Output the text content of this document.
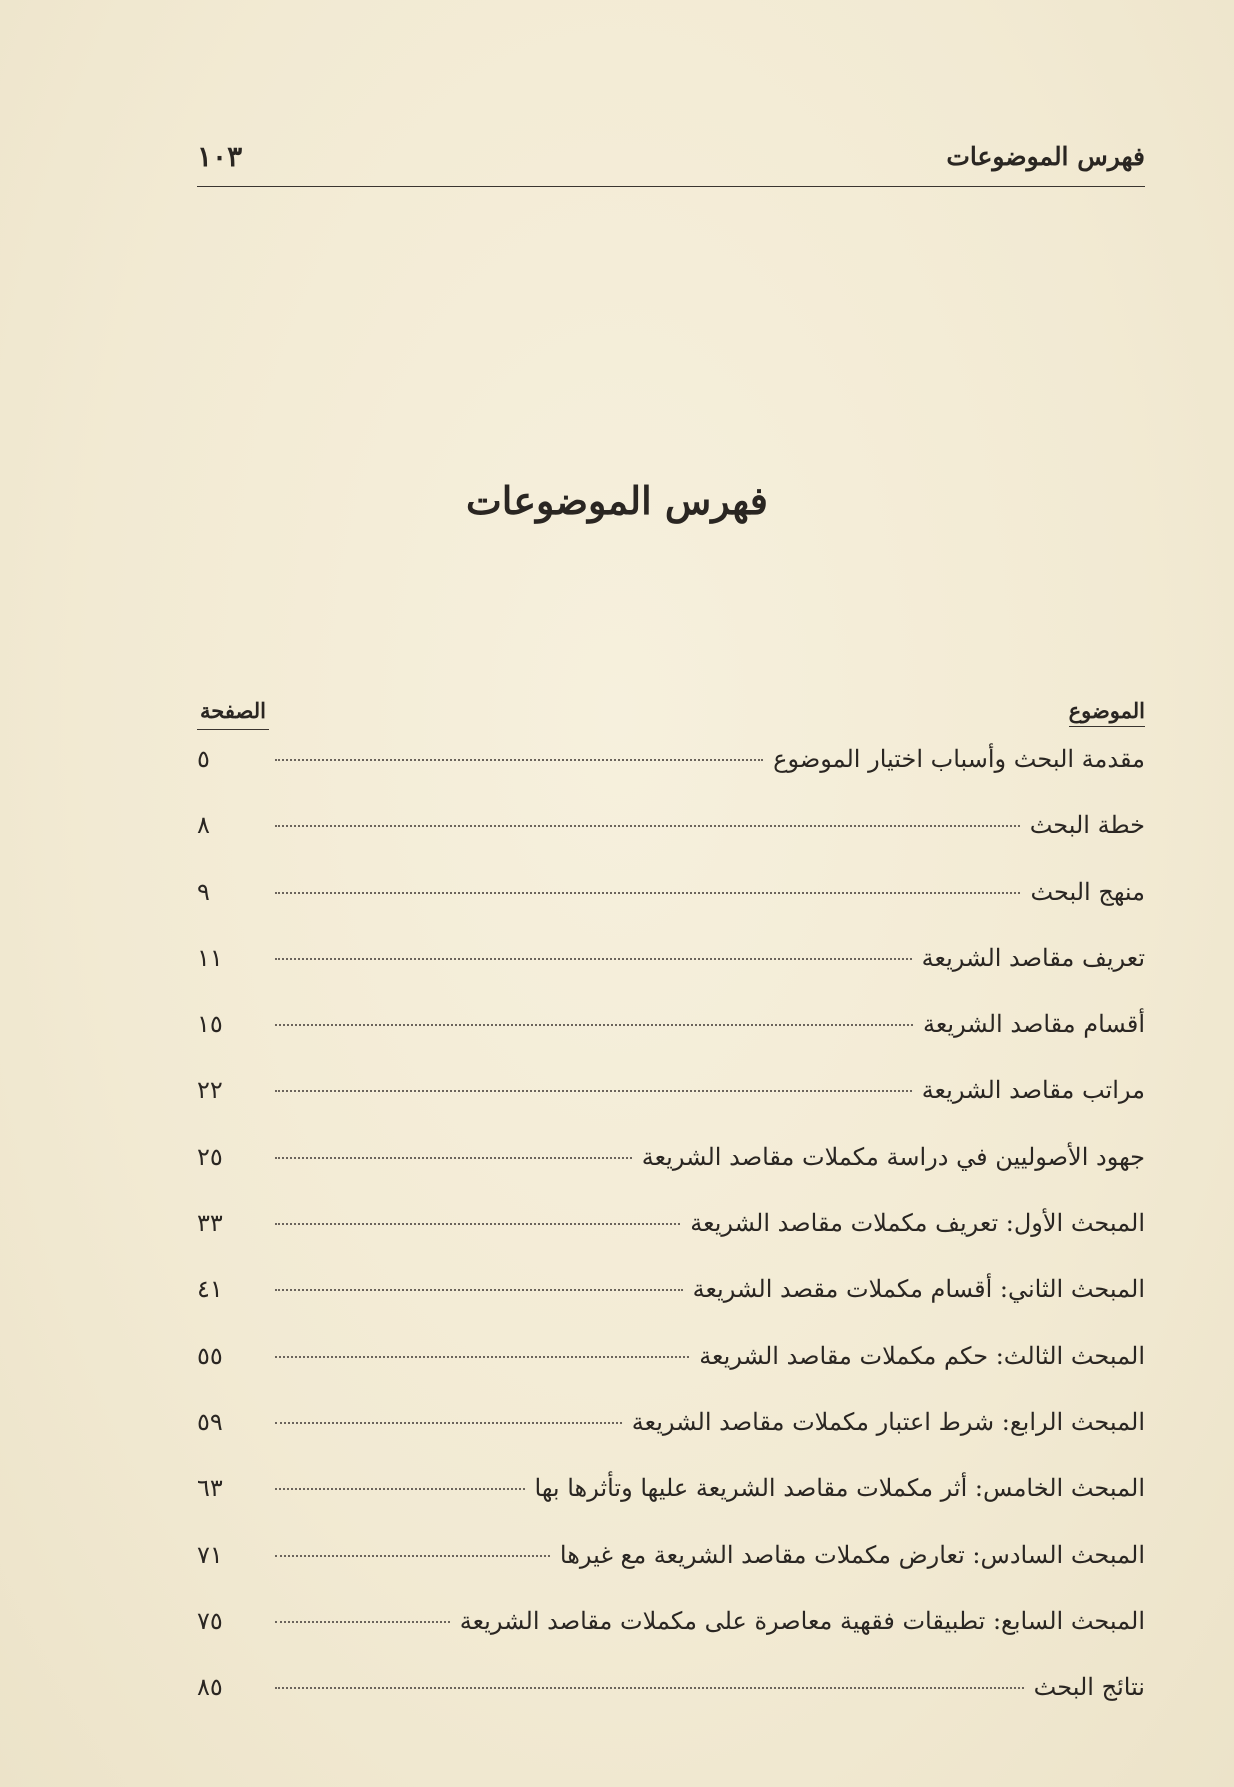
فهرس الموضوعات
١٠٣
فهرس الموضوعات
الموضوع
الصفحة
مقدمة البحث وأسباب اختيار الموضوع
٥
خطة البحث
٨
منهج البحث
٩
تعريف مقاصد الشريعة
١١
أقسام مقاصد الشريعة
١٥
مراتب مقاصد الشريعة
٢٢
جهود الأصوليين في دراسة مكملات مقاصد الشريعة
٢٥
المبحث الأول: تعريف مكملات مقاصد الشريعة
٣٣
المبحث الثاني: أقسام مكملات مقصد الشريعة
٤١
المبحث الثالث: حكم مكملات مقاصد الشريعة
٥٥
المبحث الرابع: شرط اعتبار مكملات مقاصد الشريعة
٥٩
المبحث الخامس: أثر مكملات مقاصد الشريعة عليها وتأثرها بها
٦٣
المبحث السادس: تعارض مكملات مقاصد الشريعة مع غيرها
٧١
المبحث السابع: تطبيقات فقهية معاصرة على مكملات مقاصد الشريعة
٧٥
نتائج البحث
٨٥
